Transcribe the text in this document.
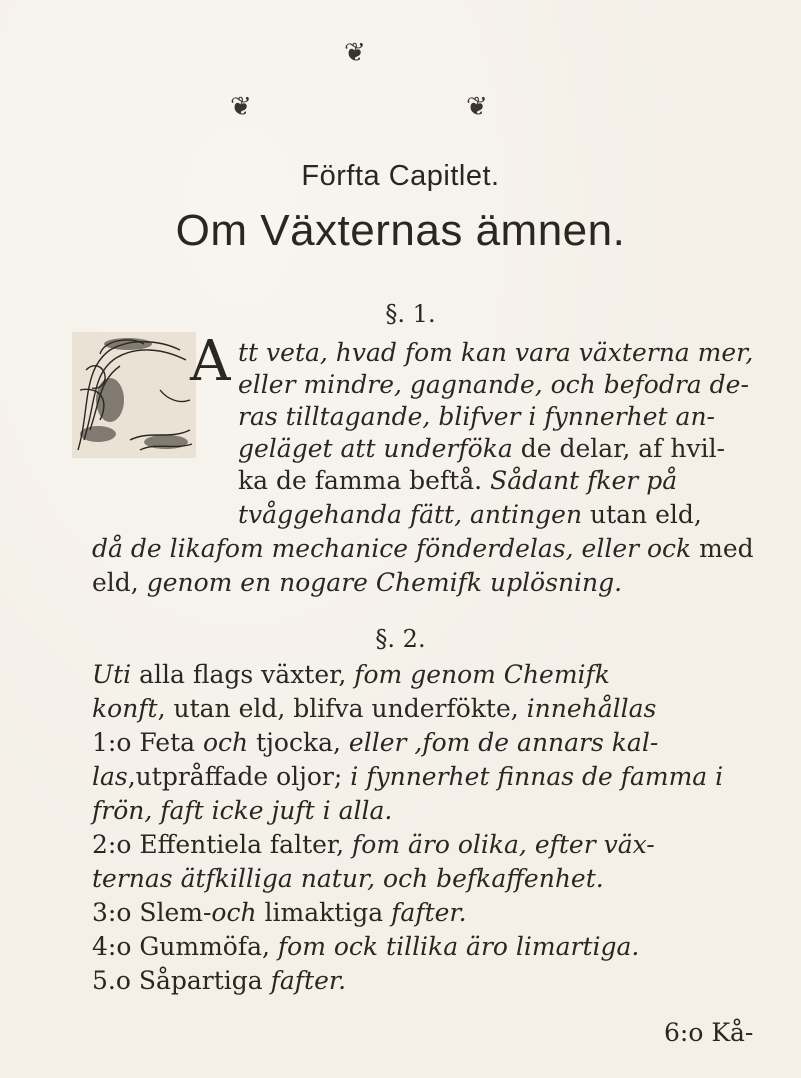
❦
❦	❦
Förfta Capitlet.
Om Växternas ämnen.
§. 1.
A tt veta, hvad fom kan vara växterna mer,
eller mindre, gagnande, och befodra de-
ras tilltagande, blifver i fynnerhet an-
geläget att underföka de delar, af hvil-
ka de famma beftå. Sådant fker på
tvåggehanda fätt, antingen utan eld,
då de likafom mechanice fönderdelas, eller ock med
eld, genom en nogare Chemifk uplösning.
§. 2.
Uti alla flags växter, fom genom Chemifk
konft, utan eld, blifva underfökte, innehållas
1:o Feta och tjocka, eller ,fom de annars kal-
las,utpråffade oljor; i fynnerhet finnas de famma i
frön, faft icke juft i alla.
2:o Effentiela falter, fom äro olika, efter väx-
ternas ätfkilliga natur, och befkaffenhet.
3:o Slem-och limaktiga fafter.
4:o Gummöfa, fom ock tillika äro limartiga.
5.o Såpartiga fafter.
6:o Kå-
